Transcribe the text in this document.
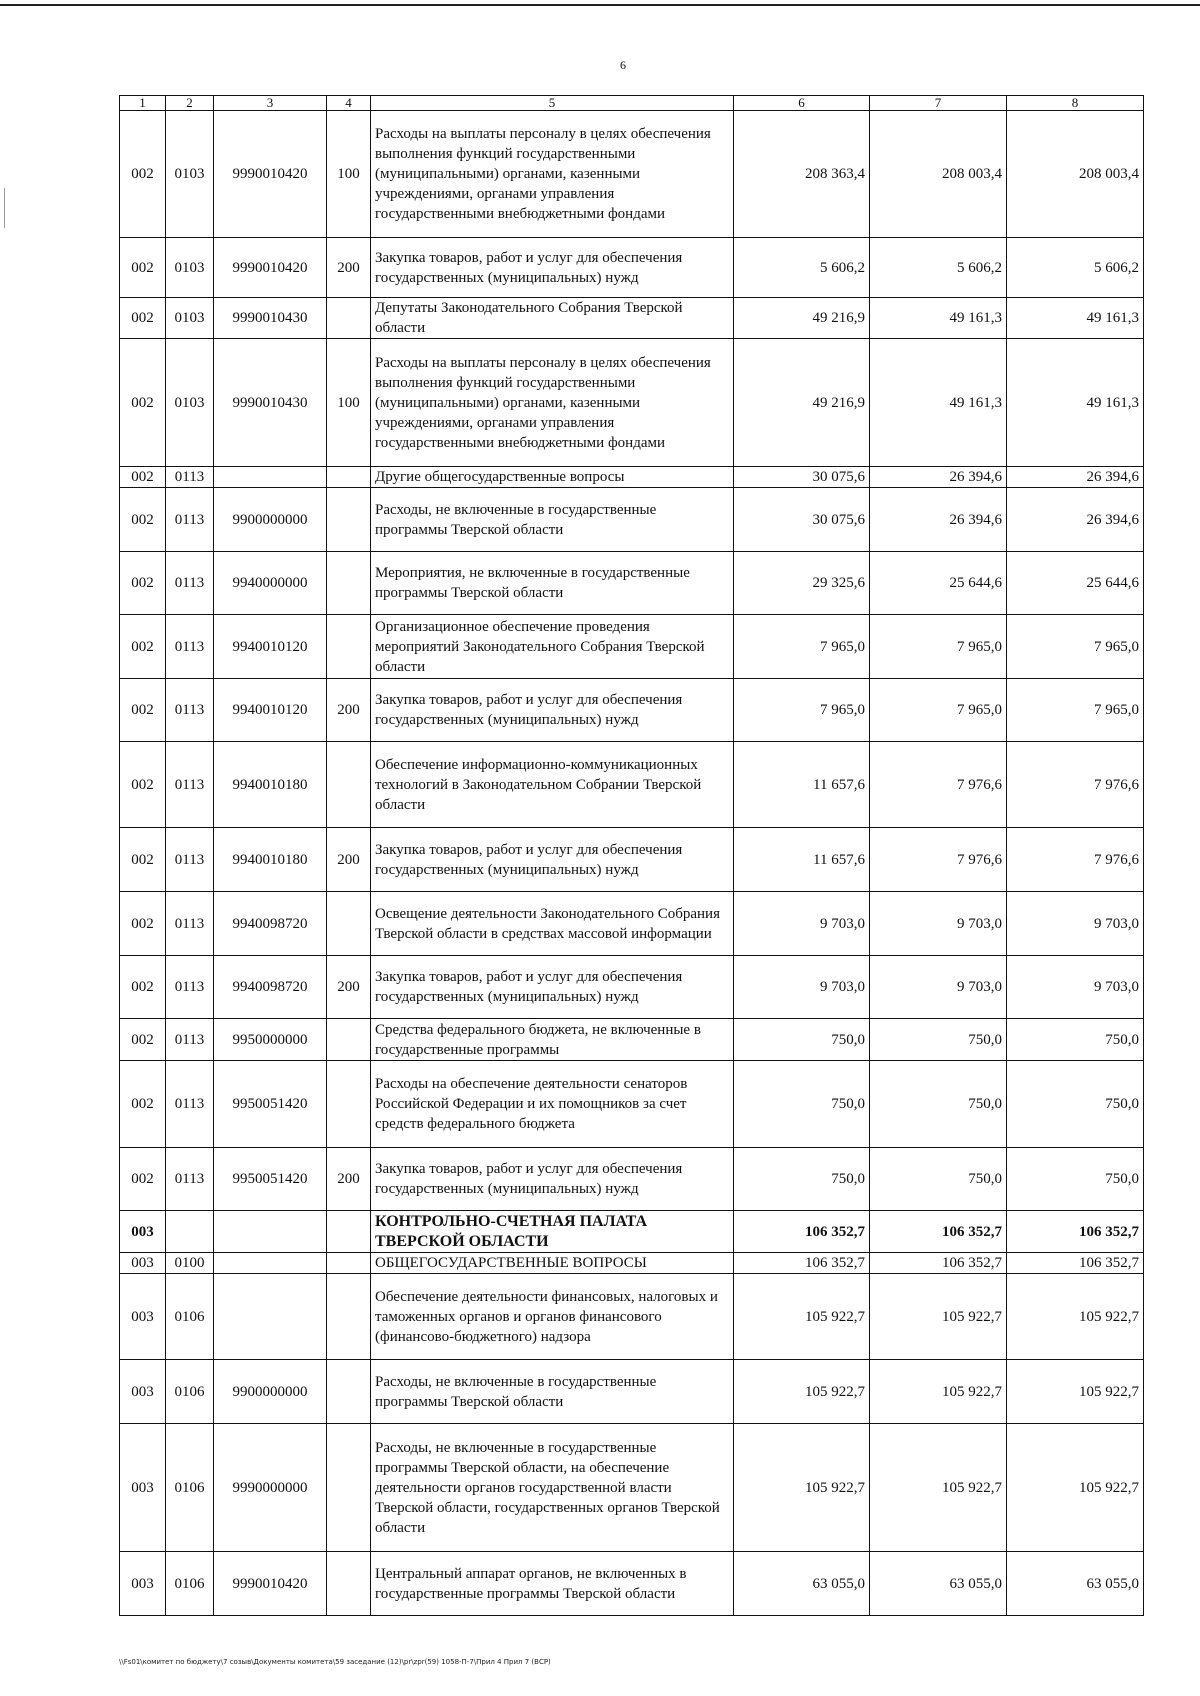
6
1	2	3	4	5	6	7	8
002	0103	9990010420	100	Расходы на выплаты персоналу в целях обеспечения выполнения функций государственными (муниципальными) органами, казенными учреждениями, органами управления государственными внебюджетными фондами	208 363,4	208 003,4	208 003,4
002	0103	9990010420	200	Закупка товаров, работ и услуг для обеспечения государственных (муниципальных) нужд	5 606,2	5 606,2	5 606,2
002	0103	9990010430		Депутаты Законодательного Собрания Тверской области	49 216,9	49 161,3	49 161,3
002	0103	9990010430	100	Расходы на выплаты персоналу в целях обеспечения выполнения функций государственными (муниципальными) органами, казенными учреждениями, органами управления государственными внебюджетными фондами	49 216,9	49 161,3	49 161,3
002	0113			Другие общегосударственные вопросы	30 075,6	26 394,6	26 394,6
002	0113	9900000000		Расходы, не включенные в государственные программы Тверской области	30 075,6	26 394,6	26 394,6
002	0113	9940000000		Мероприятия, не включенные в государственные программы Тверской области	29 325,6	25 644,6	25 644,6
002	0113	9940010120		Организационное обеспечение проведения мероприятий Законодательного Собрания Тверской области	7 965,0	7 965,0	7 965,0
002	0113	9940010120	200	Закупка товаров, работ и услуг для обеспечения государственных (муниципальных) нужд	7 965,0	7 965,0	7 965,0
002	0113	9940010180		Обеспечение информационно-коммуникационных технологий в Законодательном Собрании Тверской области	11 657,6	7 976,6	7 976,6
002	0113	9940010180	200	Закупка товаров, работ и услуг для обеспечения государственных (муниципальных) нужд	11 657,6	7 976,6	7 976,6
002	0113	9940098720		Освещение деятельности Законодательного Собрания Тверской области в средствах массовой информации	9 703,0	9 703,0	9 703,0
002	0113	9940098720	200	Закупка товаров, работ и услуг для обеспечения государственных (муниципальных) нужд	9 703,0	9 703,0	9 703,0
002	0113	9950000000		Средства федерального бюджета, не включенные в государственные программы	750,0	750,0	750,0
002	0113	9950051420		Расходы на обеспечение деятельности сенаторов Российской Федерации и их помощников за счет средств федерального бюджета	750,0	750,0	750,0
002	0113	9950051420	200	Закупка товаров, работ и услуг для обеспечения государственных (муниципальных) нужд	750,0	750,0	750,0
003				КОНТРОЛЬНО-СЧЕТНАЯ ПАЛАТА ТВЕРСКОЙ ОБЛАСТИ	106 352,7	106 352,7	106 352,7
003	0100			ОБЩЕГОСУДАРСТВЕННЫЕ ВОПРОСЫ	106 352,7	106 352,7	106 352,7
003	0106			Обеспечение деятельности финансовых, налоговых и таможенных органов и органов финансового (финансово-бюджетного) надзора	105 922,7	105 922,7	105 922,7
003	0106	9900000000		Расходы, не включенные в государственные программы Тверской области	105 922,7	105 922,7	105 922,7
003	0106	9990000000		Расходы, не включенные в государственные программы Тверской области, на обеспечение деятельности органов государственной власти Тверской области, государственных органов Тверской области	105 922,7	105 922,7	105 922,7
003	0106	9990010420		Центральный аппарат органов, не включенных в государственные программы Тверской области	63 055,0	63 055,0	63 055,0
\\Fs01\комитет по бюджету\7 созыв\Документы комитета\59 заседание (12)\pr\zpr(59) 1058-П-7\Прил 4 Прил 7 (ВСР)
